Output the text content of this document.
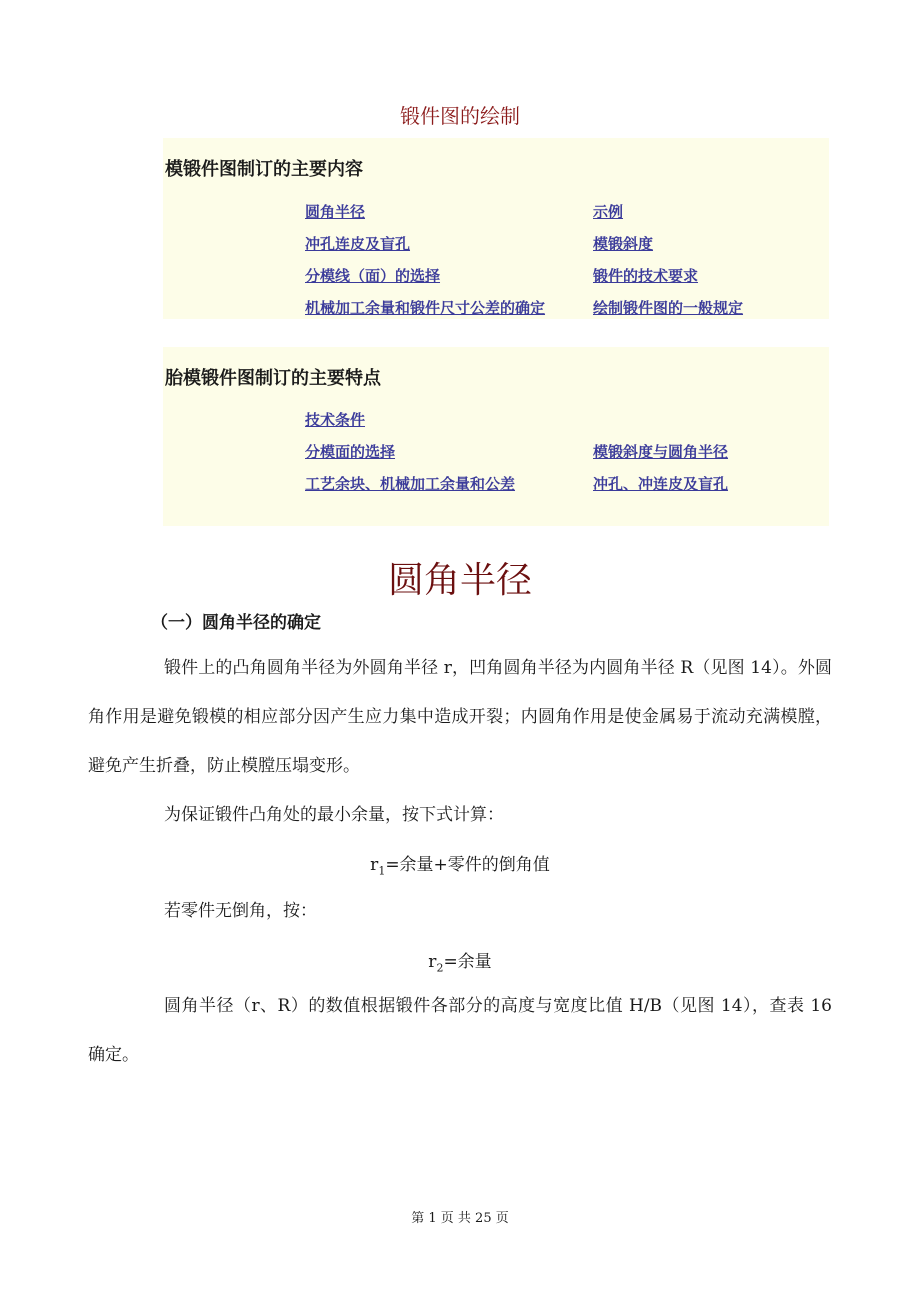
锻件图的绘制
模锻件图制订的主要内容
圆角半径	示例
冲孔连皮及盲孔	模锻斜度
分模线（面）的选择	锻件的技术要求
机械加工余量和锻件尺寸公差的确定	绘制锻件图的一般规定
胎模锻件图制订的主要特点
技术条件
分模面的选择	模锻斜度与圆角半径
工艺余块、机械加工余量和公差	冲孔、冲连皮及盲孔
圆角半径
（一）圆角半径的确定
锻件上的凸角圆角半径为外圆角半径 r，凹角圆角半径为内圆角半径 R（见图 14）。外圆角作用是避免锻模的相应部分因产生应力集中造成开裂；内圆角作用是使金属易于流动充满模膛，避免产生折叠，防止模膛压塌变形。
为保证锻件凸角处的最小余量，按下式计算：
$r_1=$余量+零件的倒角值
若零件无倒角，按：
$r_2=$余量
圆角半径（r、R）的数值根据锻件各部分的高度与宽度比值 H/B（见图 14），查表 16 确定。
第 1 页 共 25 页
